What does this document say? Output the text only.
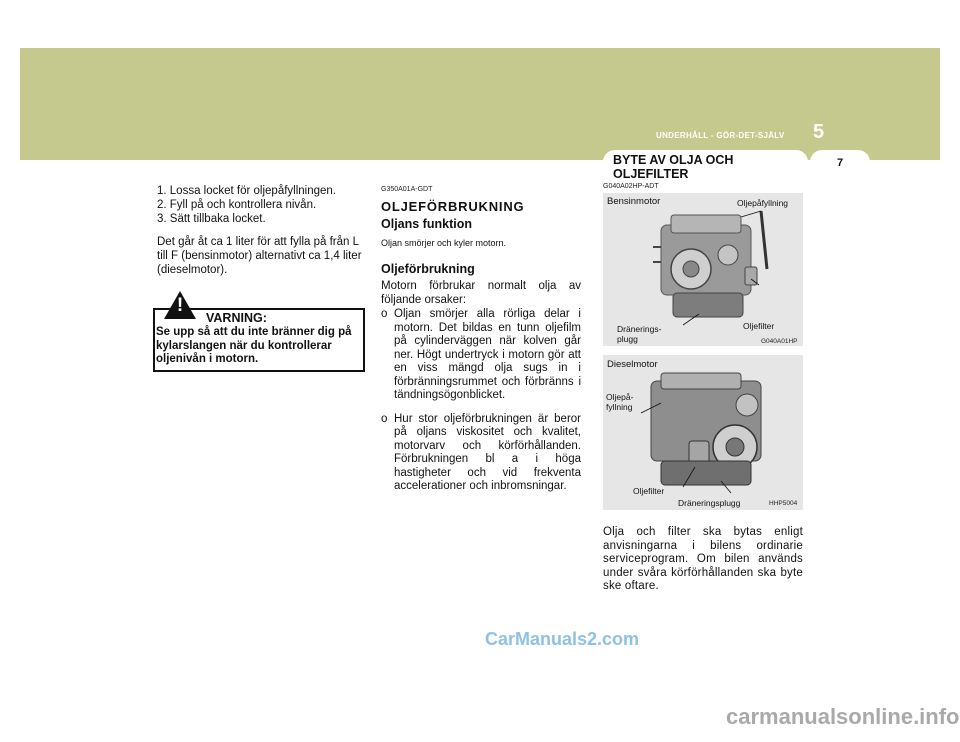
UNDERHÅLL - GÖR-DET-SJÄLV 5
BYTE AV OLJA OCH OLJEFILTER
7
1. Lossa locket för oljepåfyllningen.
2. Fyll på och kontrollera nivån.
3. Sätt tillbaka locket.
Det går åt ca 1 liter för att fylla på från L till F (bensinmotor) alternativt ca 1,4 liter (dieselmotor).
!
VARNING:
Se upp så att du inte bränner dig på kylarslangen när du kontrollerar oljenivån i motorn.
G350A01A-GDT
OLJEFÖRBRUKNING
Oljans funktion
Oljan smörjer och kyler motorn.
Oljeförbrukning
Motorn förbrukar normalt olja av följande orsaker:
o Oljan smörjer alla rörliga delar i motorn. Det bildas en tunn oljefilm på cylinderväggen när kolven går ner. Högt undertryck i motorn gör att en viss mängd olja sugs in i förbränningsrummet och förbränns i tändningsögonblicket.
o Hur stor oljeförbrukningen är beror på oljans viskositet och kvalitet, motorvarv och körförhållanden. Förbrukningen bl a i höga hastigheter och vid frekventa accelerationer och inbromsningar.
G040A02HP-ADT
Bensinmotor	Oljepåfyllning
Oljefilter
Dränerings-
plugg	G040A01HP
Dieselmotor
Oljepå-
fyllning
Oljefilter
Dräneringsplugg	HHP5004
Olja och filter ska bytas enligt anvisningarna i bilens ordinarie serviceprogram. Om bilen används under svåra körförhållanden ska byte ske oftare.
CarManuals2.com
carmanualsonline.info
